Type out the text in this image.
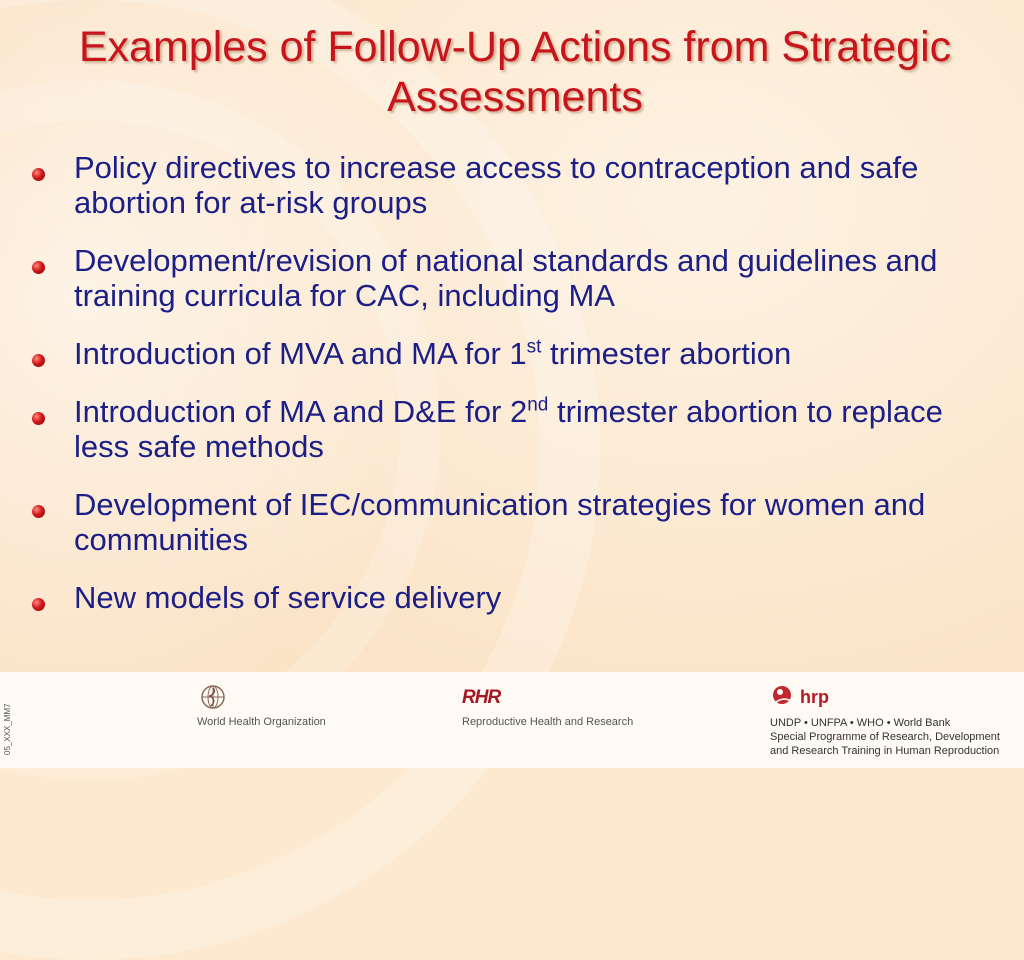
Examples of Follow-Up Actions from Strategic Assessments
Policy directives to increase access to contraception and safe abortion for at-risk groups
Development/revision of national standards and guidelines and training curricula for CAC, including MA
Introduction of MVA and MA for 1st trimester abortion
Introduction of MA and D&E for 2nd trimester abortion to replace less safe methods
Development of IEC/communication strategies for women and communities
New models of service delivery
05_XXX_MM7	World Health Organization
RHR
Reproductive Health and Research
hrp
UNDP • UNFPA • WHO • World Bank
Special Programme of Research, Development
and Research Training in Human Reproduction
